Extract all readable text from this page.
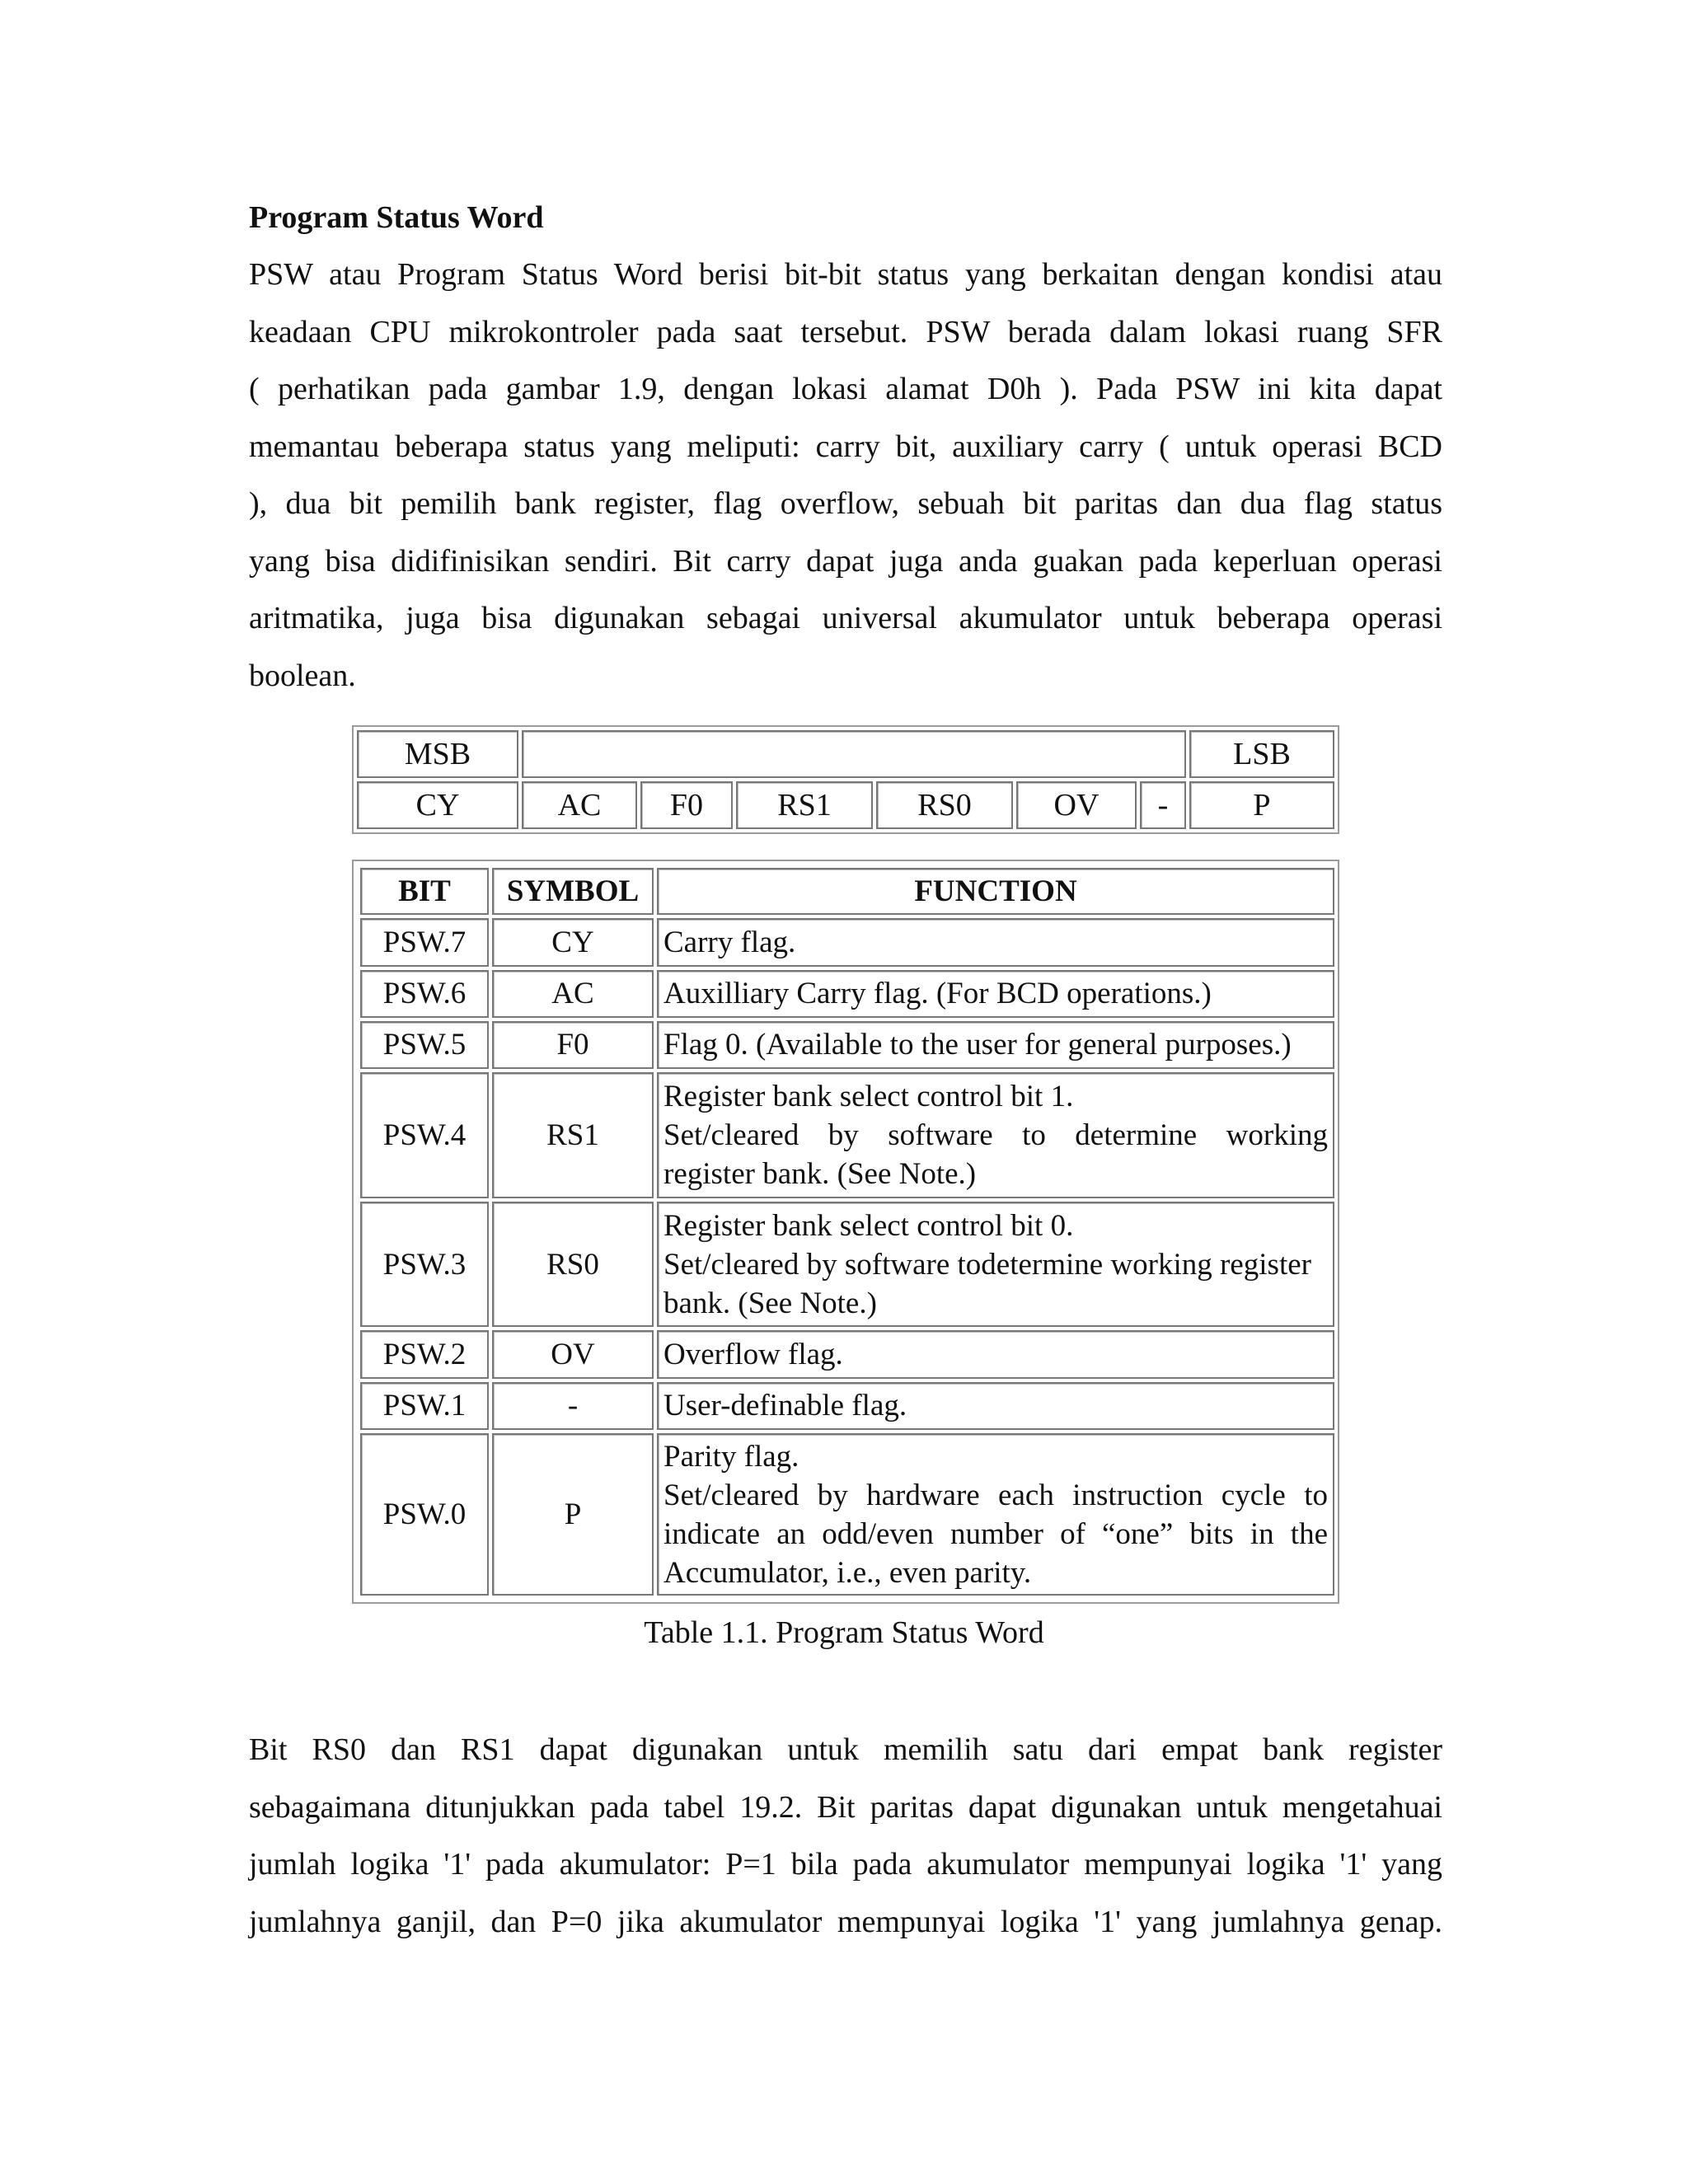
Program Status Word
PSW atau Program Status Word berisi bit-bit status yang berkaitan dengan kondisi atau
keadaan CPU mikrokontroler pada saat tersebut. PSW berada dalam lokasi ruang SFR
( perhatikan pada gambar 1.9, dengan lokasi alamat D0h ). Pada PSW ini kita dapat
memantau beberapa status yang meliputi: carry bit, auxiliary carry ( untuk operasi BCD
), dua bit pemilih bank register, flag overflow, sebuah bit paritas dan dua flag status
yang bisa didifinisikan sendiri. Bit carry dapat juga anda guakan pada keperluan operasi
aritmatika, juga bisa digunakan sebagai universal akumulator untuk beberapa operasi
boolean.
MSB	LSB
CY	AC	F0	RS1	RS0	OV	-	P
BIT	SYMBOL	FUNCTION
PSW.7	CY	Carry flag.

PSW.6	AC	Auxilliary Carry flag. (For BCD operations.)

PSW.5	F0	Flag 0. (Available to the user for general purposes.)

PSW.4	RS1	Register bank select control bit 1.
Set/cleared by software to determine working
register bank. (See Note.)

PSW.3	RS0	Register bank select control bit 0.
Set/cleared by software todetermine working register
bank. (See Note.)

PSW.2	OV	Overflow flag.

PSW.1	-	User-definable flag.

PSW.0	P	Parity flag.
Set/cleared by hardware each instruction cycle to
indicate an odd/even number of “one” bits in the
Accumulator, i.e., even parity.
Table 1.1. Program Status Word
Bit RS0 dan RS1 dapat digunakan untuk memilih satu dari empat bank register
sebagaimana ditunjukkan pada tabel 19.2. Bit paritas dapat digunakan untuk mengetahuai
jumlah logika '1' pada akumulator: P=1 bila pada akumulator mempunyai logika '1' yang
jumlahnya ganjil, dan P=0 jika akumulator mempunyai logika '1' yang jumlahnya genap.
